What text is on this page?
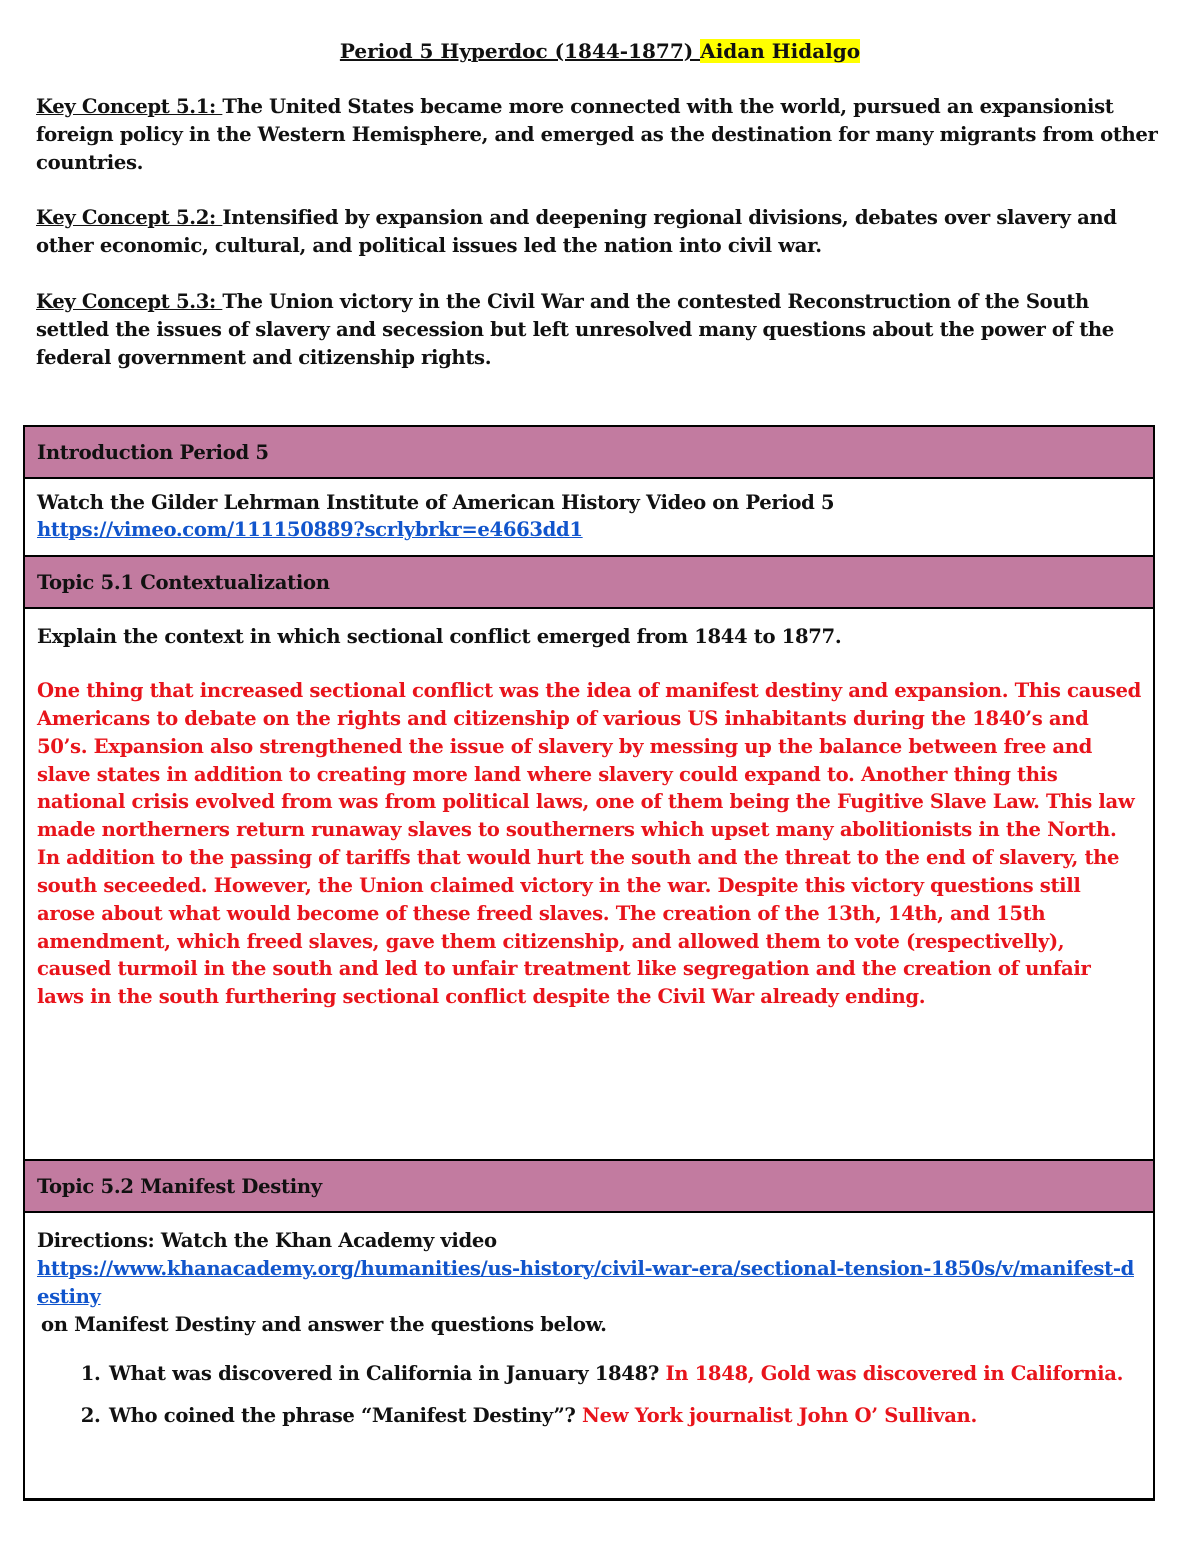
Period 5 Hyperdoc (1844-1877) Aidan Hidalgo
Key Concept 5.1: The United States became more connected with the world, pursued an expansionist foreign policy in the Western Hemisphere, and emerged as the destination for many migrants from other countries.
Key Concept 5.2: Intensified by expansion and deepening regional divisions, debates over slavery and other economic, cultural, and political issues led the nation into civil war.
Key Concept 5.3: The Union victory in the Civil War and the contested Reconstruction of the South settled the issues of slavery and secession but left unresolved many questions about the power of the federal government and citizenship rights.
Introduction Period 5
Watch the Gilder Lehrman Institute of American History Video on Period 5
https://vimeo.com/111150889?scrlybrkr=e4663dd1
Topic 5.1 Contextualization
Explain the context in which sectional conflict emerged from 1844 to 1877.
One thing that increased sectional conflict was the idea of manifest destiny and expansion. This caused Americans to debate on the rights and citizenship of various US inhabitants during the 1840’s and 50’s. Expansion also strengthened the issue of slavery by messing up the balance between free and slave states in addition to creating more land where slavery could expand to. Another thing this national crisis evolved from was from political laws, one of them being the Fugitive Slave Law. This law made northerners return runaway slaves to southerners which upset many abolitionists in the North. In addition to the passing of tariffs that would hurt the south and the threat to the end of slavery, the south seceeded. However, the Union claimed victory in the war. Despite this victory questions still arose about what would become of these freed slaves. The creation of the 13th, 14th, and 15th amendment, which freed slaves, gave them citizenship, and allowed them to vote (respectivelly), caused turmoil in the south and led to unfair treatment like segregation and the creation of unfair laws in the south furthering sectional conflict despite the Civil War already ending.
Topic 5.2 Manifest Destiny
Directions: Watch the Khan Academy video
https://www.khanacademy.org/humanities/us-history/civil-war-era/sectional-tension-1850s/v/manifest-destiny
on Manifest Destiny and answer the questions below.
1. What was discovered in California in January 1848? In 1848, Gold was discovered in California.
2. Who coined the phrase “Manifest Destiny”? New York journalist John O’ Sullivan.
